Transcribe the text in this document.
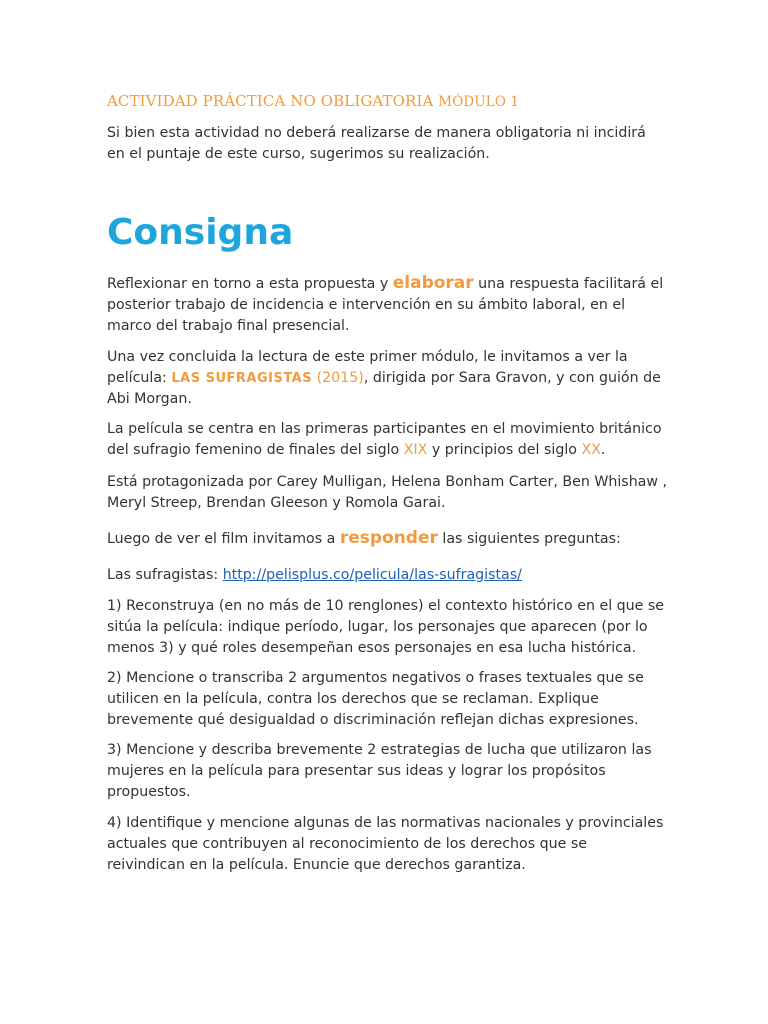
ACTIVIDAD PRÁCTICA NO OBLIGATORIA MÓDULO 1

Si bien esta actividad no deberá realizarse de manera obligatoria ni incidirá en el puntaje de este curso, sugerimos su realización.

Consigna

Reflexionar en torno a esta propuesta y elaborar una respuesta facilitará el posterior trabajo de incidencia e intervención en su ámbito laboral, en el marco del trabajo final presencial.

Una vez concluida la lectura de este primer módulo, le invitamos a ver la película: LAS SUFRAGISTAS (2015), dirigida por Sara Gravon, y con guión de Abi Morgan.

La película se centra en las primeras participantes en el movimiento británico del sufragio femenino de finales del siglo XIX y principios del siglo XX.

Está protagonizada por Carey Mulligan, Helena Bonham Carter, Ben Whishaw , Meryl Streep, Brendan Gleeson y Romola Garai.

Luego de ver el film invitamos a responder las siguientes preguntas:

Las sufragistas: http://pelisplus.co/pelicula/las-sufragistas/

1) Reconstruya (en no más de 10 renglones) el contexto histórico en el que se sitúa la película: indique período, lugar, los personajes que aparecen (por lo menos 3) y qué roles desempeñan esos personajes en esa lucha histórica.

2) Mencione o transcriba 2 argumentos negativos o frases textuales que se utilicen en la película, contra los derechos que se reclaman. Explique brevemente qué desigualdad o discriminación reflejan dichas expresiones.

3) Mencione y describa brevemente 2 estrategias de lucha que utilizaron las mujeres en la película para presentar sus ideas y lograr los propósitos propuestos.

4) Identifique y mencione algunas de las normativas nacionales y provinciales actuales que contribuyen al reconocimiento de los derechos que se reivindican en la película. Enuncie que derechos garantiza.
